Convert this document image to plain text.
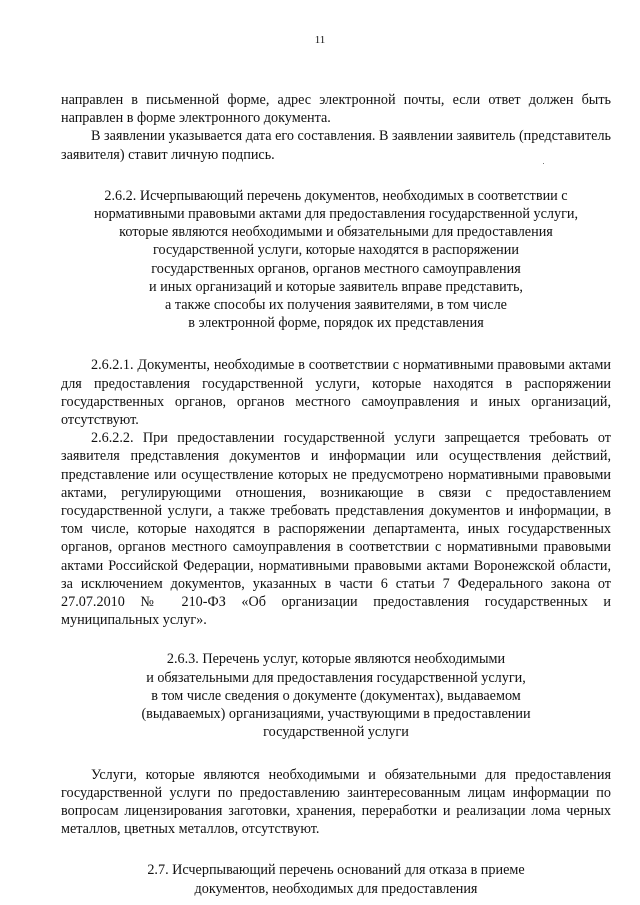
11

направлен в письменной форме, адрес электронной почты, если ответ должен быть направлен в форме электронного документа.

В заявлении указывается дата его составления. В заявлении заявитель (представитель заявителя) ставит личную подпись.

2.6.2. Исчерпывающий перечень документов, необходимых в соответствии с
нормативными правовыми актами для предоставления государственной услуги,
которые являются необходимыми и обязательными для предоставления
государственной услуги, которые находятся в распоряжении
государственных органов, органов местного самоуправления
и иных организаций и которые заявитель вправе представить,
а также способы их получения заявителями, в том числе
в электронной форме, порядок их представления

2.6.2.1. Документы, необходимые в соответствии с нормативными правовыми актами для предоставления государственной услуги, которые находятся в распоряжении государственных органов, органов местного самоуправления и иных организаций, отсутствуют.

2.6.2.2. При предоставлении государственной услуги запрещается требовать от заявителя представления документов и информации или осуществления действий, представление или осуществление которых не предусмотрено нормативными правовыми актами, регулирующими отношения, возникающие в связи с предоставлением государственной услуги, а также требовать представления документов и информации, в том числе, которые находятся в распоряжении департамента, иных государственных органов, органов местного самоуправления в соответствии с нормативными правовыми актами Российской Федерации, нормативными правовыми актами Воронежской области, за исключением документов, указанных в части 6 статьи 7 Федерального закона от 27.07.2010 № 210-ФЗ «Об организации предоставления государственных и муниципальных услуг».

2.6.3. Перечень услуг, которые являются необходимыми
и обязательными для предоставления государственной услуги,
в том числе сведения о документе (документах), выдаваемом
(выдаваемых) организациями, участвующими в предоставлении
государственной услуги

Услуги, которые являются необходимыми и обязательными для предоставления государственной услуги по предоставлению заинтересованным лицам информации по вопросам лицензирования заготовки, хранения, переработки и реализации лома черных металлов, цветных металлов, отсутствуют.

2.7. Исчерпывающий перечень оснований для отказа в приеме
документов, необходимых для предоставления
